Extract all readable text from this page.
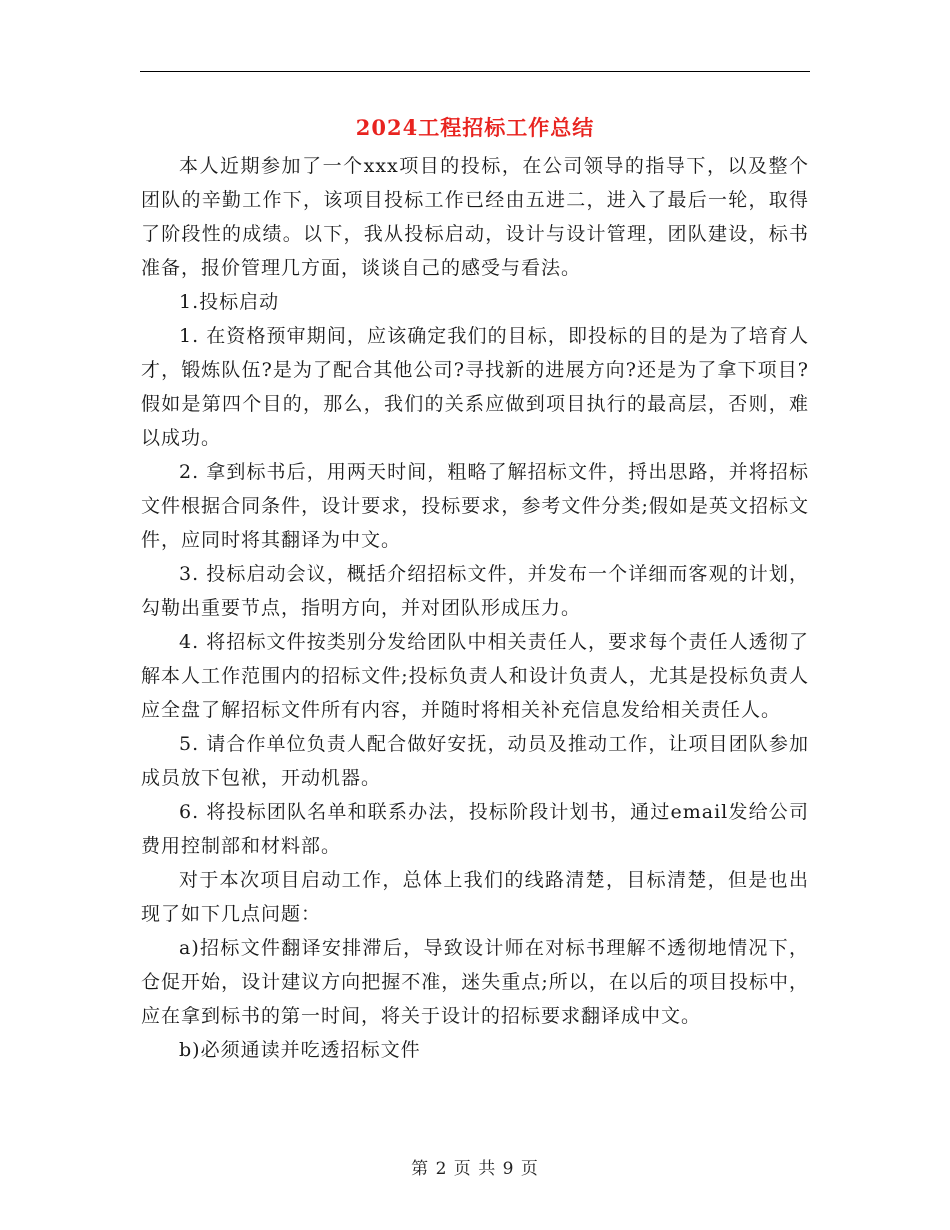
2024工程招标工作总结

本人近期参加了一个xxx项目的投标，在公司领导的指导下，以及整个团队的辛勤工作下，该项目投标工作已经由五进二，进入了最后一轮，取得了阶段性的成绩。以下，我从投标启动，设计与设计管理，团队建设，标书准备，报价管理几方面，谈谈自己的感受与看法。

1.投标启动

1. 在资格预审期间，应该确定我们的目标，即投标的目的是为了培育人才，锻炼队伍?是为了配合其他公司?寻找新的进展方向?还是为了拿下项目?假如是第四个目的，那么，我们的关系应做到项目执行的最高层，否则，难以成功。

2. 拿到标书后，用两天时间，粗略了解招标文件，捋出思路，并将招标文件根据合同条件，设计要求，投标要求，参考文件分类;假如是英文招标文件，应同时将其翻译为中文。

3. 投标启动会议，概括介绍招标文件，并发布一个详细而客观的计划，勾勒出重要节点，指明方向，并对团队形成压力。

4. 将招标文件按类别分发给团队中相关责任人，要求每个责任人透彻了解本人工作范围内的招标文件;投标负责人和设计负责人，尤其是投标负责人应全盘了解招标文件所有内容，并随时将相关补充信息发给相关责任人。

5. 请合作单位负责人配合做好安抚，动员及推动工作，让项目团队参加成员放下包袱，开动机器。

6. 将投标团队名单和联系办法，投标阶段计划书，通过email发给公司费用控制部和材料部。

对于本次项目启动工作，总体上我们的线路清楚，目标清楚，但是也出现了如下几点问题：

a)招标文件翻译安排滞后，导致设计师在对标书理解不透彻地情况下，仓促开始，设计建议方向把握不准，迷失重点;所以，在以后的项目投标中，应在拿到标书的第一时间，将关于设计的招标要求翻译成中文。

b)必须通读并吃透招标文件

第 2 页 共 9 页
